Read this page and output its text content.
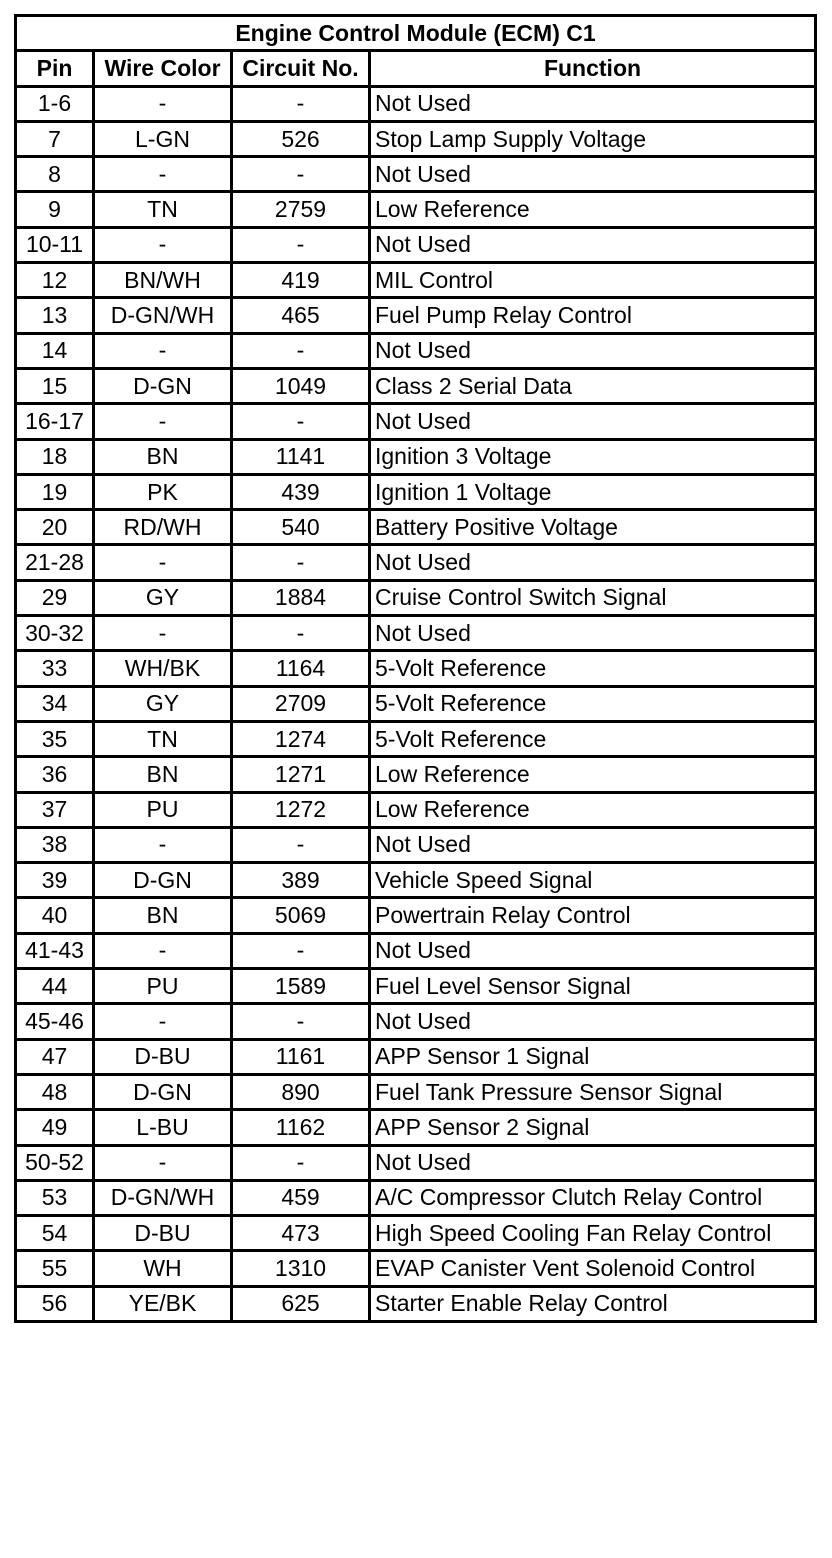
Engine Control Module (ECM) C1			
Pin	Wire Color	Circuit No.	Function
1-6	-	-	Not Used
7	L-GN	526	Stop Lamp Supply Voltage
8	-	-	Not Used
9	TN	2759	Low Reference
10-11	-	-	Not Used
12	BN/WH	419	MIL Control
13	D-GN/WH	465	Fuel Pump Relay Control
14	-	-	Not Used
15	D-GN	1049	Class 2 Serial Data
16-17	-	-	Not Used
18	BN	1141	Ignition 3 Voltage
19	PK	439	Ignition 1 Voltage
20	RD/WH	540	Battery Positive Voltage
21-28	-	-	Not Used
29	GY	1884	Cruise Control Switch Signal
30-32	-	-	Not Used
33	WH/BK	1164	5-Volt Reference
34	GY	2709	5-Volt Reference
35	TN	1274	5-Volt Reference
36	BN	1271	Low Reference
37	PU	1272	Low Reference
38	-	-	Not Used
39	D-GN	389	Vehicle Speed Signal
40	BN	5069	Powertrain Relay Control
41-43	-	-	Not Used
44	PU	1589	Fuel Level Sensor Signal
45-46	-	-	Not Used
47	D-BU	1161	APP Sensor 1 Signal
48	D-GN	890	Fuel Tank Pressure Sensor Signal
49	L-BU	1162	APP Sensor 2 Signal
50-52	-	-	Not Used
53	D-GN/WH	459	A/C Compressor Clutch Relay Control
54	D-BU	473	High Speed Cooling Fan Relay Control
55	WH	1310	EVAP Canister Vent Solenoid Control
56	YE/BK	625	Starter Enable Relay Control
